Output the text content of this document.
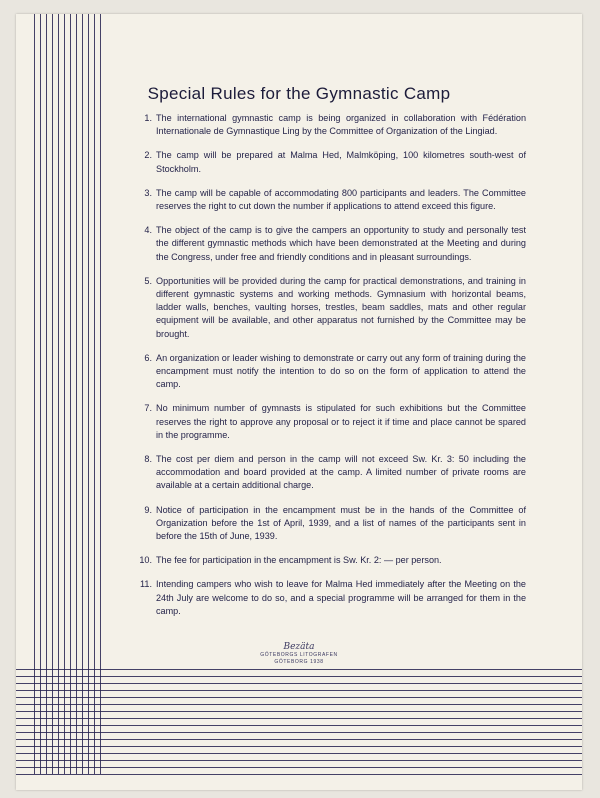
Special Rules for the Gymnastic Camp
1. The international gymnastic camp is being organized in collaboration with Fédération Internationale de Gymnastique Ling by the Committee of Organization of the Lingiad.
2. The camp will be prepared at Malma Hed, Malmköping, 100 kilometres south-west of Stockholm.
3. The camp will be capable of accommodating 800 participants and leaders. The Committee reserves the right to cut down the number if applications to attend exceed this figure.
4. The object of the camp is to give the campers an opportunity to study and personally test the different gymnastic methods which have been demonstrated at the Meeting and during the Congress, under free and friendly conditions and in pleasant surroundings.
5. Opportunities will be provided during the camp for practical demonstrations, and training in different gymnastic systems and working methods. Gymnasium with horizontal beams, ladder walls, benches, vaulting horses, trestles, beam saddles, mats and other regular equipment will be available, and other apparatus not furnished by the Committee may be brought.
6. An organization or leader wishing to demonstrate or carry out any form of training during the encampment must notify the intention to do so on the form of application to attend the camp.
7. No minimum number of gymnasts is stipulated for such exhibitions but the Committee reserves the right to approve any proposal or to reject it if time and place cannot be spared in the programme.
8. The cost per diem and person in the camp will not exceed Sw. Kr. 3: 50 including the accommodation and board provided at the camp. A limited number of private rooms are available at a certain additional charge.
9. Notice of participation in the encampment must be in the hands of the Committee of Organization before the 1st of April, 1939, and a list of names of the participants sent in before the 15th of June, 1939.
10. The fee for participation in the encampment is Sw. Kr. 2: — per person.
11. Intending campers who wish to leave for Malma Hed immediately after the Meeting on the 24th July are welcome to do so, and a special programme will be arranged for them in the camp.
Bezäta
GÖTEBORGS LITOGRAFEN
GÖTEBORG 1938
